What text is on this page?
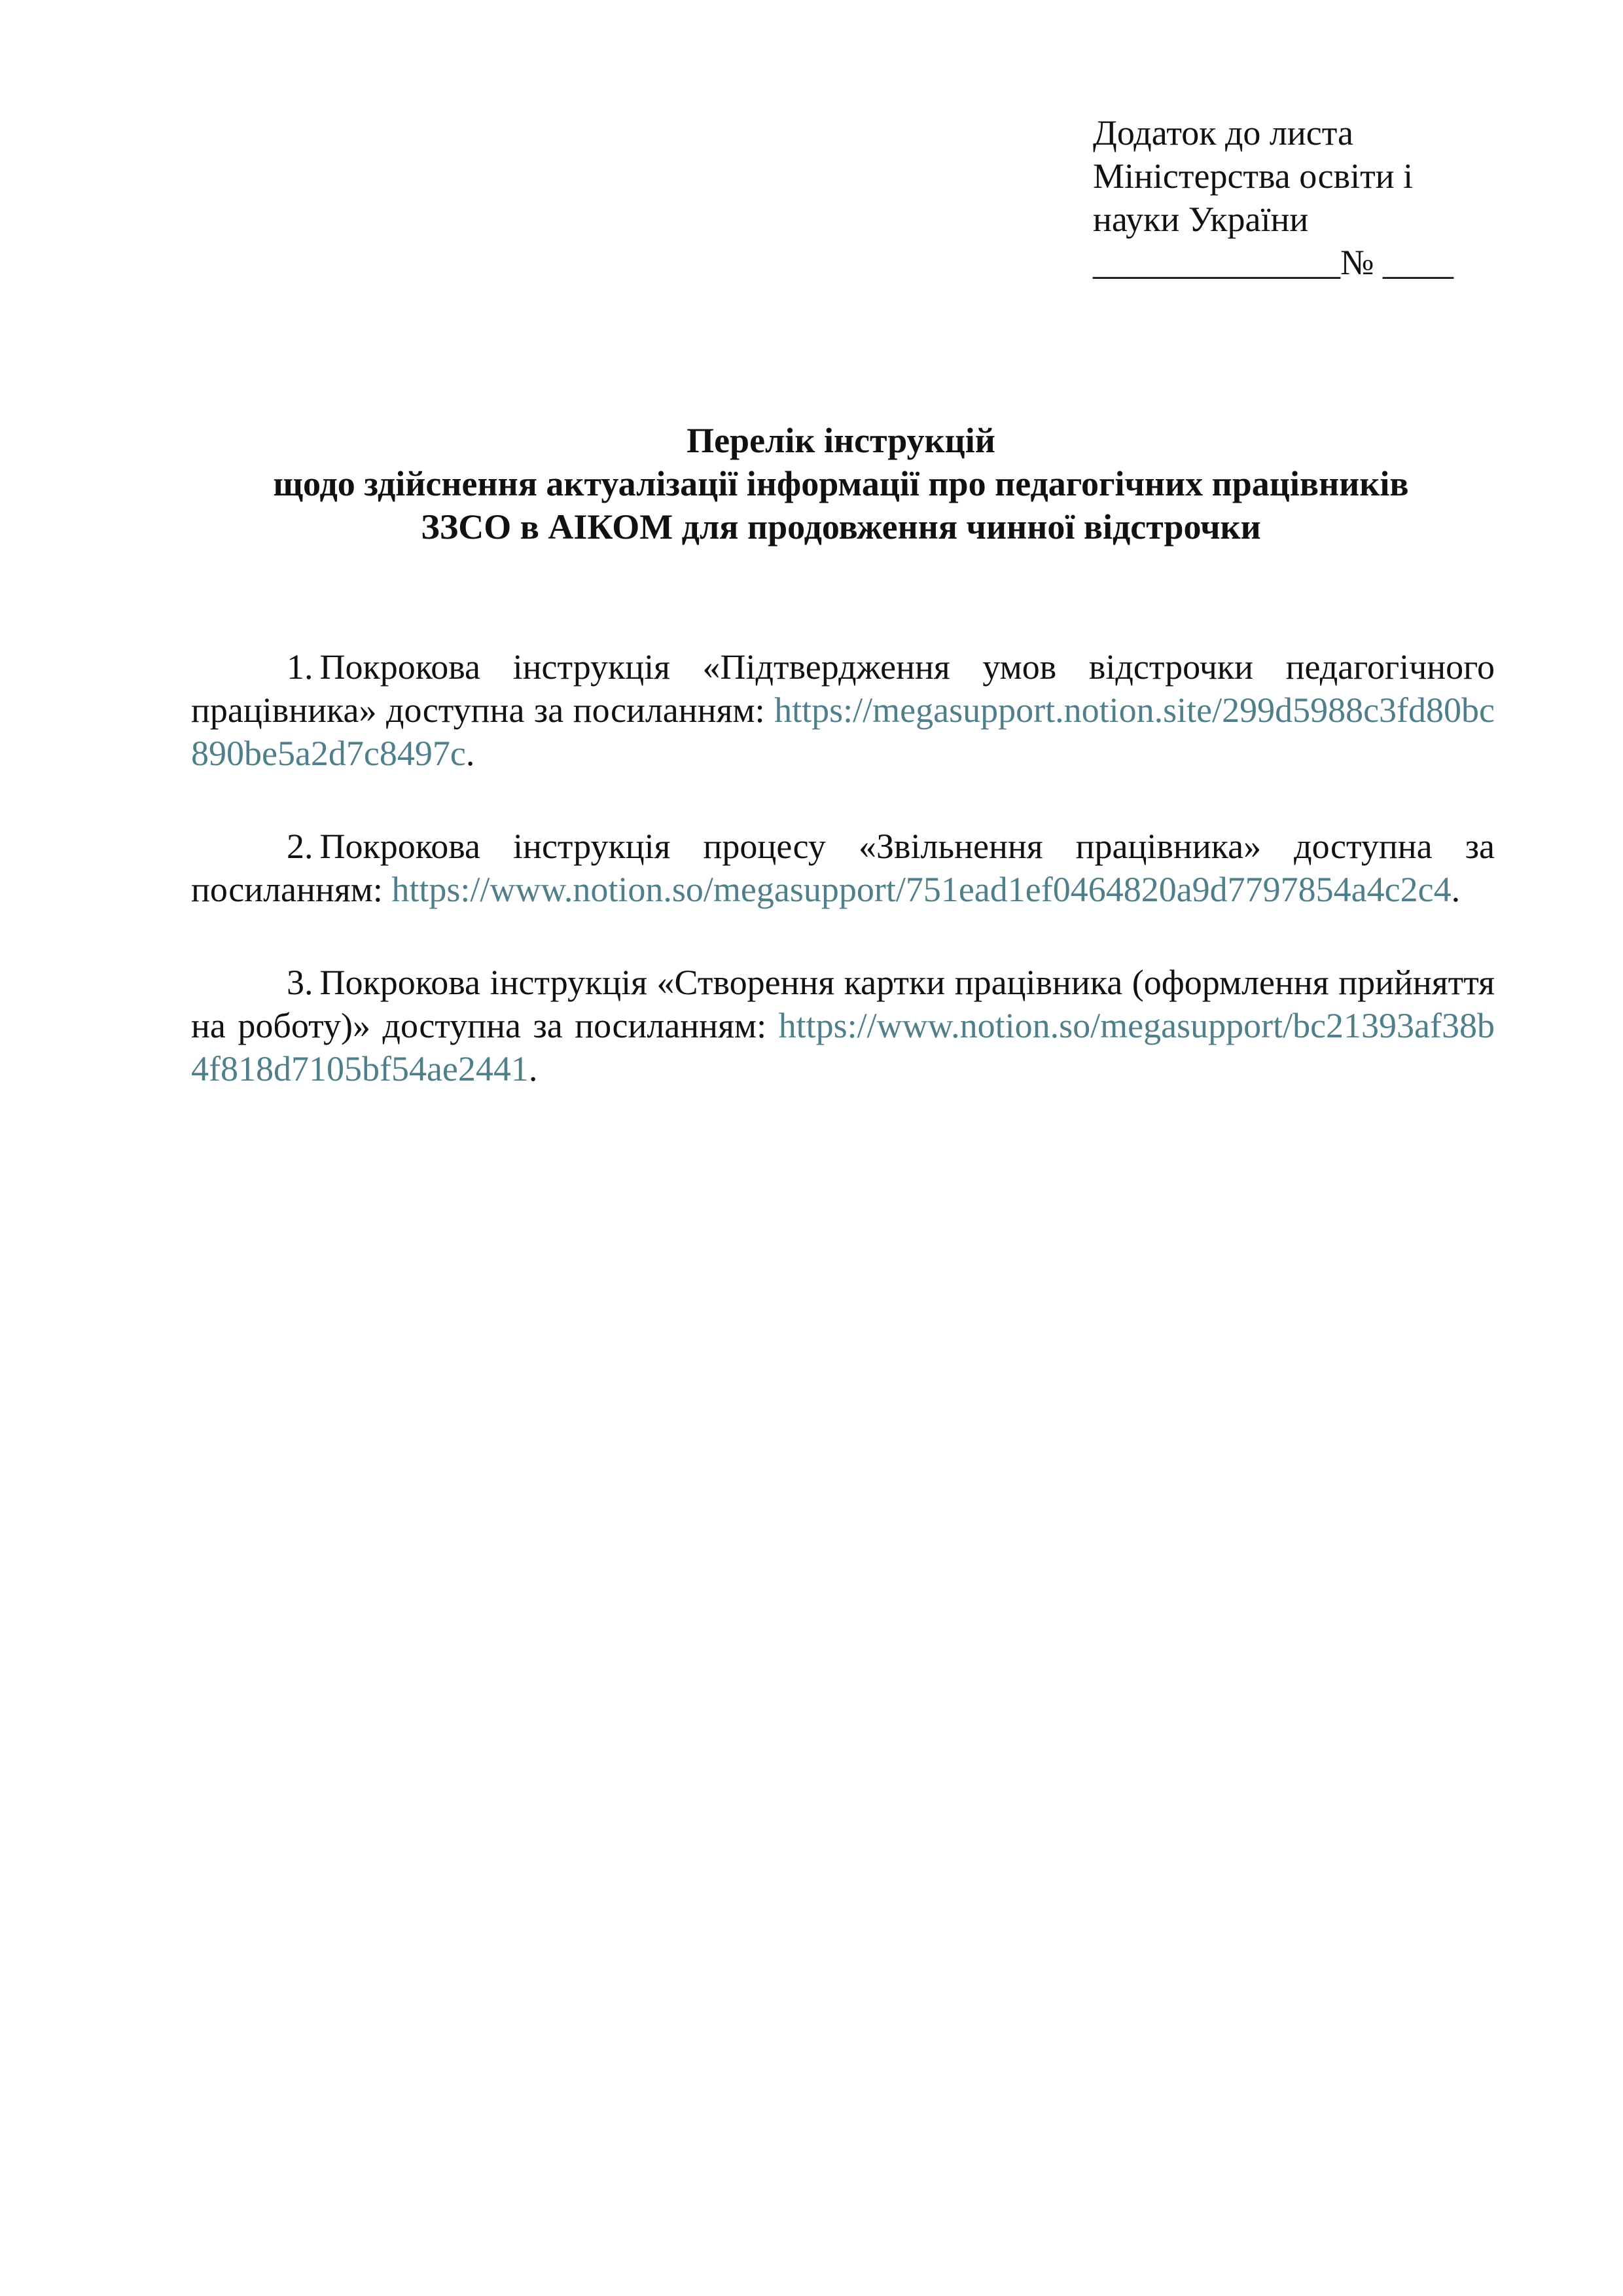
Додаток до листа
Міністерства освіти і
науки України
______________№ ____
Перелік інструкцій
щодо здійснення актуалізації інформації про педагогічних працівників
ЗЗСО в АІКОМ для продовження чинної відстрочки

1. Покрокова інструкція «Підтвердження умов відстрочки педагогічного працівника» доступна за посиланням: https://megasupport.notion.site/299d5988c3fd80bc890be5a2d7c8497c.

2. Покрокова інструкція процесу «Звільнення працівника» доступна за посиланням: https://www.notion.so/megasupport/751ead1ef0464820a9d7797854a4c2c4.

3. Покрокова інструкція «Створення картки працівника (оформлення прийняття на роботу)» доступна за посиланням: https://www.notion.so/megasupport/bc21393af38b4f818d7105bf54ae2441.
